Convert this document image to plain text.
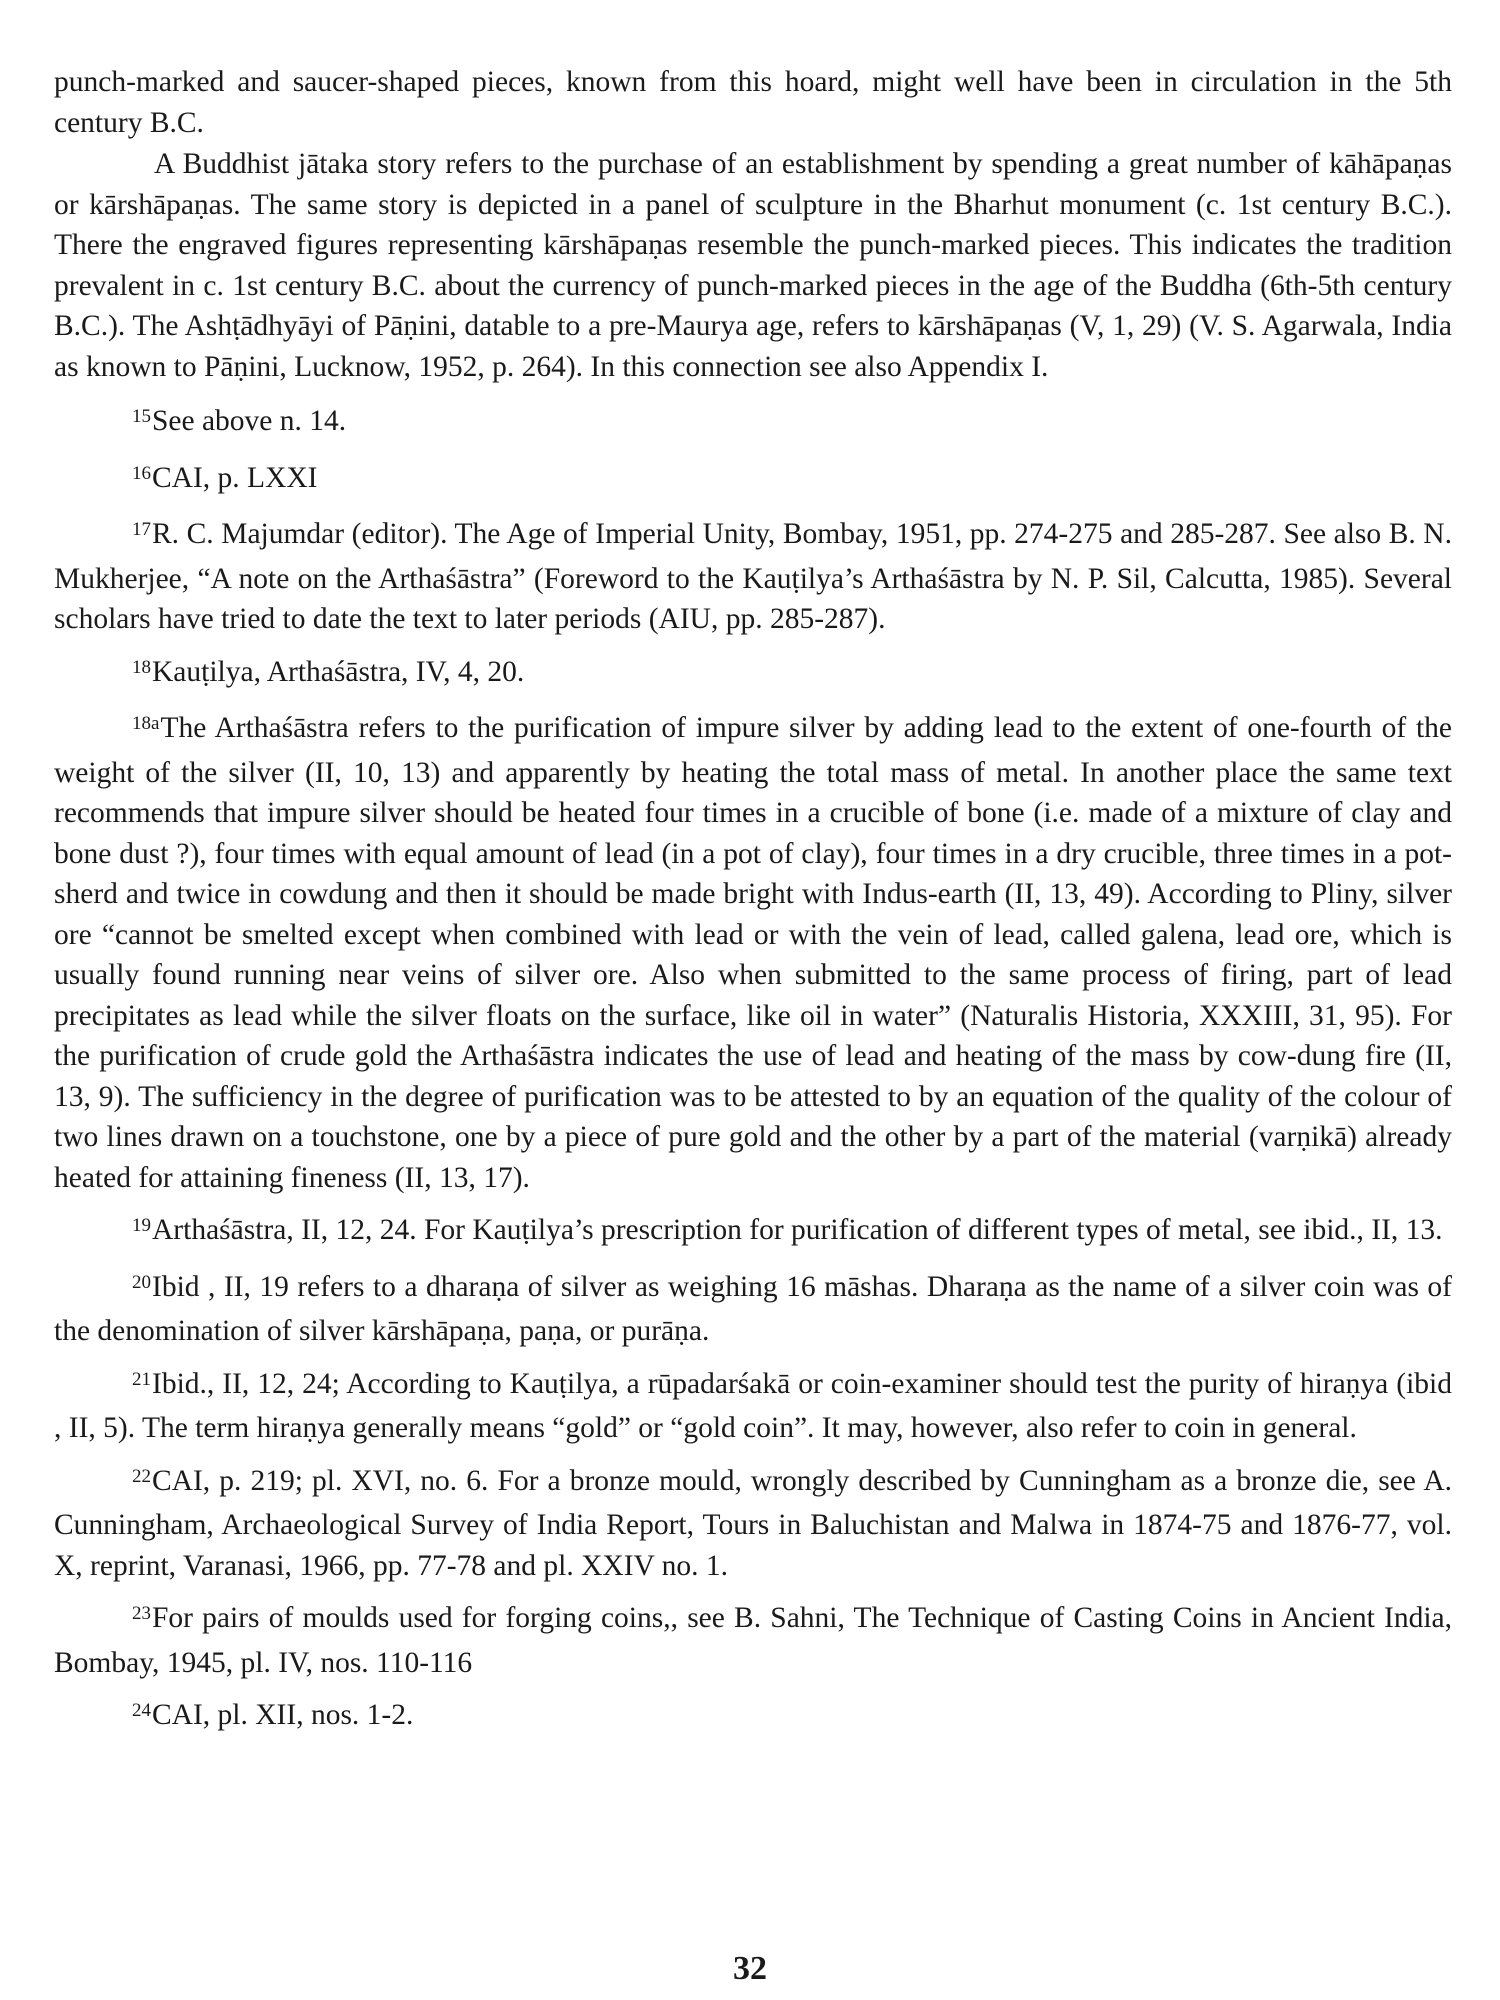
punch-marked and saucer-shaped pieces, known from this hoard, might well have been in circulation in the 5th century B.C.

A Buddhist jātaka story refers to the purchase of an establishment by spending a great number of kāhāpaṇas or kārshāpaṇas. The same story is depicted in a panel of sculpture in the Bharhut monument (c. 1st century B.C.). There the engraved figures representing kārshāpaṇas resemble the punch-marked pieces. This indicates the tradition prevalent in c. 1st century B.C. about the currency of punch-marked pieces in the age of the Buddha (6th-5th century B.C.). The Ashṭādhyāyi of Pāṇini, datable to a pre-Maurya age, refers to kārshāpaṇas (V, 1, 29) (V. S. Agarwala, India as known to Pāṇini, Lucknow, 1952, p. 264). In this connection see also Appendix I.

$^{15}$See above n. 14.
$^{16}$CAI, p. LXXI
$^{17}$R. C. Majumdar (editor). The Age of Imperial Unity, Bombay, 1951, pp. 274-275 and 285-287. See also B. N. Mukherjee, “A note on the Arthaśāstra” (Foreword to the Kauṭilya’s Arthaśāstra by N. P. Sil, Calcutta, 1985). Several scholars have tried to date the text to later periods (AIU, pp. 285-287).
$^{18}$Kauṭilya, Arthaśāstra, IV, 4, 20.
$^{18a}$The Arthaśāstra refers to the purification of impure silver by adding lead to the extent of one-fourth of the weight of the silver (II, 10, 13) and apparently by heating the total mass of metal. In another place the same text recommends that impure silver should be heated four times in a crucible of bone (i.e. made of a mixture of clay and bone dust ?), four times with equal amount of lead (in a pot of clay), four times in a dry crucible, three times in a pot-sherd and twice in cowdung and then it should be made bright with Indus-earth (II, 13, 49). According to Pliny, silver ore “cannot be smelted except when combined with lead or with the vein of lead, called galena, lead ore, which is usually found running near veins of silver ore. Also when submitted to the same process of firing, part of lead precipitates as lead while the silver floats on the surface, like oil in water” (Naturalis Historia, XXXIII, 31, 95). For the purification of crude gold the Arthaśāstra indicates the use of lead and heating of the mass by cow-dung fire (II, 13, 9). The sufficiency in the degree of purification was to be attested to by an equation of the quality of the colour of two lines drawn on a touchstone, one by a piece of pure gold and the other by a part of the material (varṇikā) already heated for attaining fineness (II, 13, 17).
$^{19}$Arthaśāstra, II, 12, 24. For Kauṭilya’s prescription for purification of different types of metal, see ibid., II, 13.
$^{20}$Ibid , II, 19 refers to a dharaṇa of silver as weighing 16 māshas. Dharaṇa as the name of a silver coin was of the denomination of silver kārshāpaṇa, paṇa, or purāṇa.
$^{21}$Ibid., II, 12, 24; According to Kauṭilya, a rūpadarśakā or coin-examiner should test the purity of hiraṇya (ibid , II, 5). The term hiraṇya generally means “gold” or “gold coin”. It may, however, also refer to coin in general.
$^{22}$CAI, p. 219; pl. XVI, no. 6. For a bronze mould, wrongly described by Cunningham as a bronze die, see A. Cunningham, Archaeological Survey of India Report, Tours in Baluchistan and Malwa in 1874-75 and 1876-77, vol. X, reprint, Varanasi, 1966, pp. 77-78 and pl. XXIV no. 1.
$^{23}$For pairs of moulds used for forging coins,, see B. Sahni, The Technique of Casting Coins in Ancient India, Bombay, 1945, pl. IV, nos. 110-116
$^{24}$CAI, pl. XII, nos. 1-2.
32
